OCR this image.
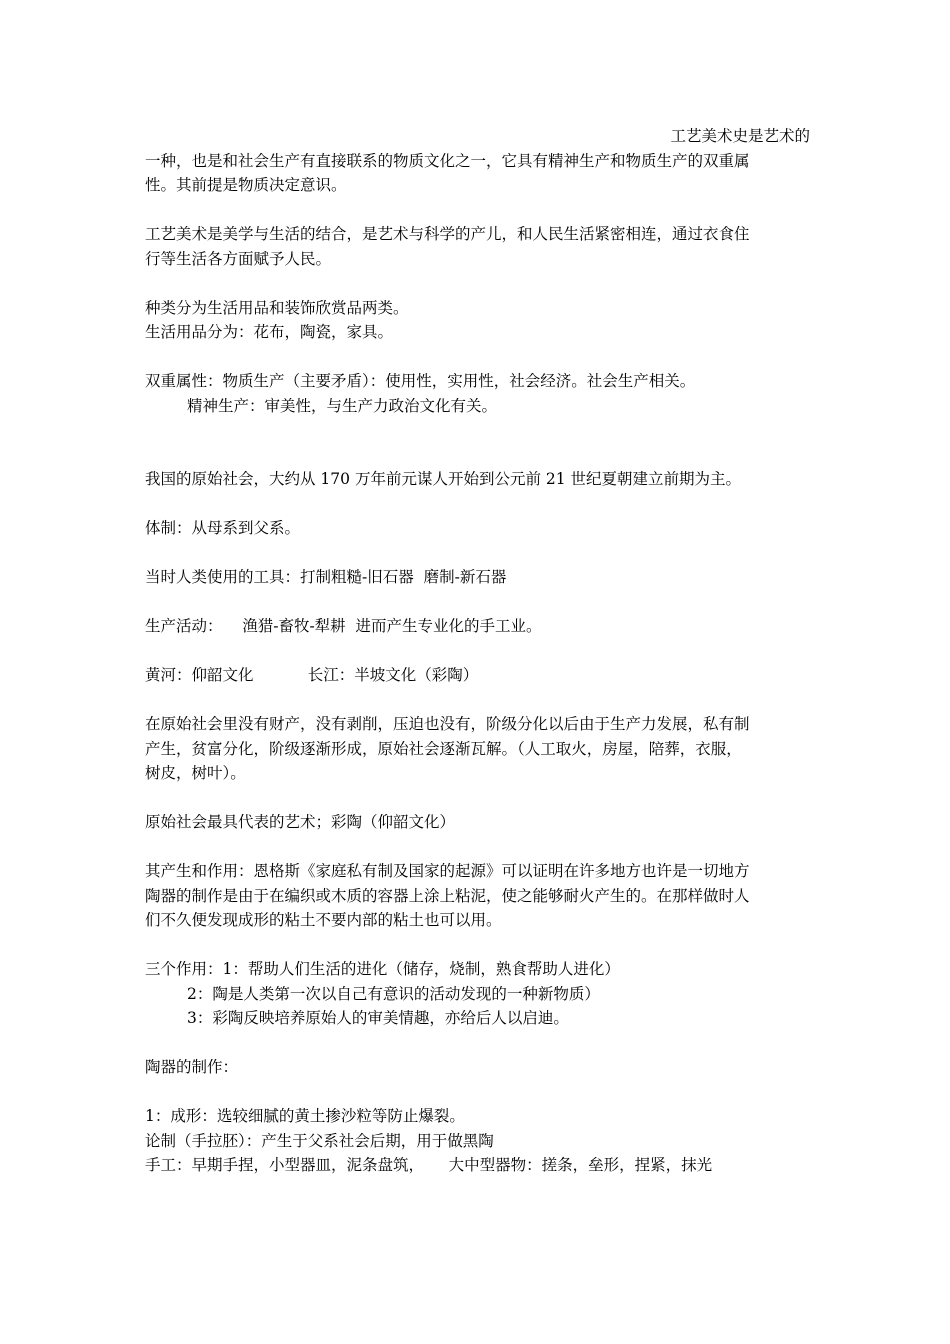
工艺美术史是艺术的
一种，也是和社会生产有直接联系的物质文化之一，它具有精神生产和物质生产的双重属
性。其前提是物质决定意识。
工艺美术是美学与生活的结合，是艺术与科学的产儿，和人民生活紧密相连，通过衣食住
行等生活各方面赋予人民。
种类分为生活用品和装饰欣赏品两类。
生活用品分为：花布，陶瓷，家具。
双重属性：物质生产（主要矛盾）：使用性，实用性，社会经济。社会生产相关。
精神生产：审美性，与生产力政治文化有关。
我国的原始社会，大约从 170 万年前元谋人开始到公元前 21 世纪夏朝建立前期为主。
体制：从母系到父系。
当时人类使用的工具：打制粗糙-旧石器  磨制-新石器
生产活动：    渔猎-畜牧-犁耕  进而产生专业化的手工业。
黄河：仰韶文化           长江：半坡文化（彩陶）
在原始社会里没有财产，没有剥削，压迫也没有，阶级分化以后由于生产力发展，私有制
产生，贫富分化，阶级逐渐形成，原始社会逐渐瓦解。（人工取火，房屋，陪葬，衣服，
树皮，树叶）。
原始社会最具代表的艺术；彩陶（仰韶文化）
其产生和作用：恩格斯《家庭私有制及国家的起源》可以证明在许多地方也许是一切地方
陶器的制作是由于在编织或木质的容器上涂上粘泥，使之能够耐火产生的。在那样做时人
们不久便发现成形的粘土不要内部的粘土也可以用。
三个作用：1：帮助人们生活的进化（储存，烧制，熟食帮助人进化）
2：陶是人类第一次以自己有意识的活动发现的一种新物质）
3：彩陶反映培养原始人的审美情趣，亦给后人以启迪。
陶器的制作：
1：成形：选较细腻的黄土掺沙粒等防止爆裂。
论制（手拉胚）：产生于父系社会后期，用于做黑陶
手工：早期手捏，小型器皿，泥条盘筑，     大中型器物：搓条，垒形，捏紧，抹光
